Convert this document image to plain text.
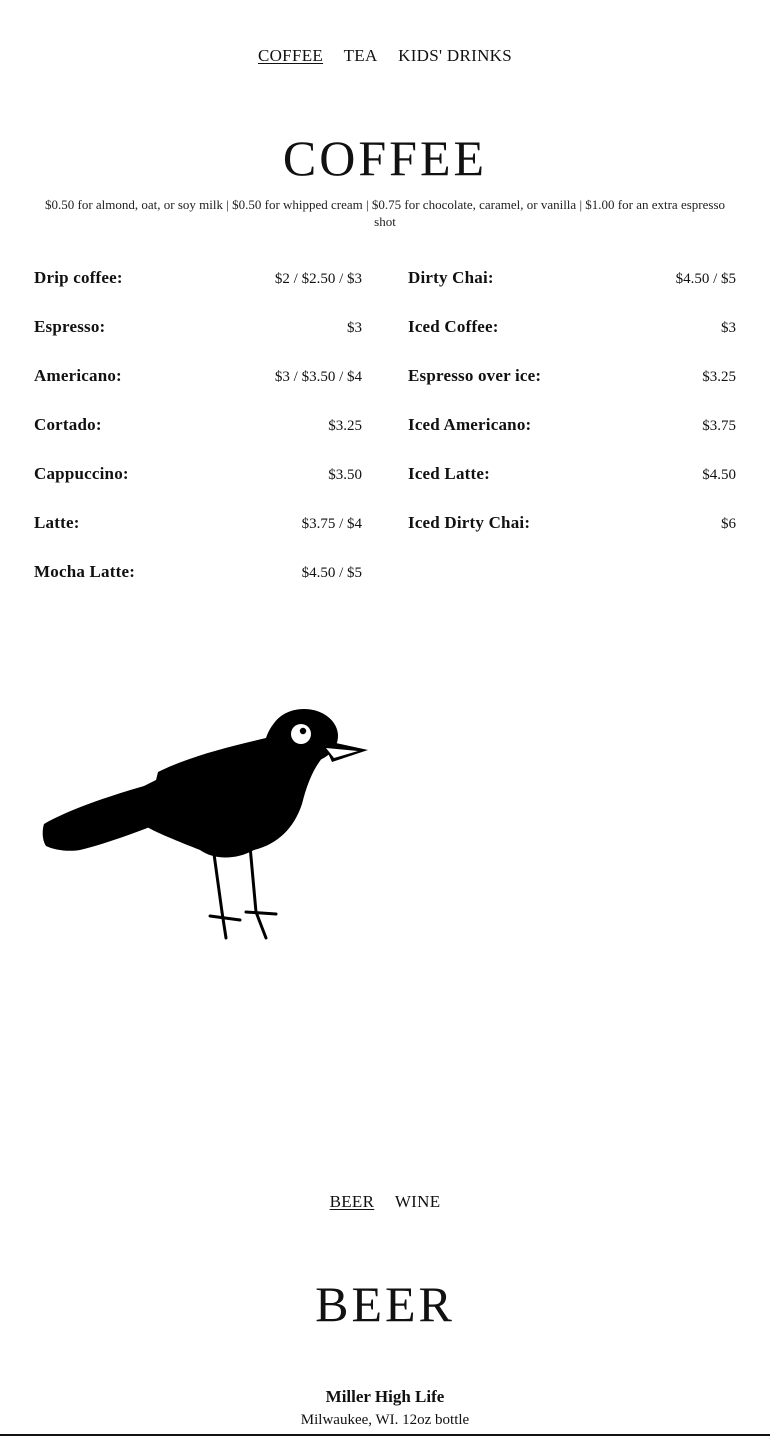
COFFEE TEA KIDS' DRINKS
COFFEE
$0.50 for almond, oat, or soy milk | $0.50 for whipped cream | $0.75 for chocolate, caramel, or vanilla | $1.00 for an extra espresso shot
Drip coffee:	$2 / $2.50 / $3
Espresso:	$3
Americano:	$3 / $3.50 / $4
Cortado:	$3.25
Cappuccino:	$3.50
Latte:	$3.75 / $4
Mocha Latte:	$4.50 / $5
Dirty Chai:	$4.50 / $5
Iced Coffee:	$3
Espresso over ice:	$3.25
Iced Americano:	$3.75
Iced Latte:	$4.50
Iced Dirty Chai:	$6
BEER WINE
BEER
Miller High Life
Milwaukee, WI. 12oz bottle
